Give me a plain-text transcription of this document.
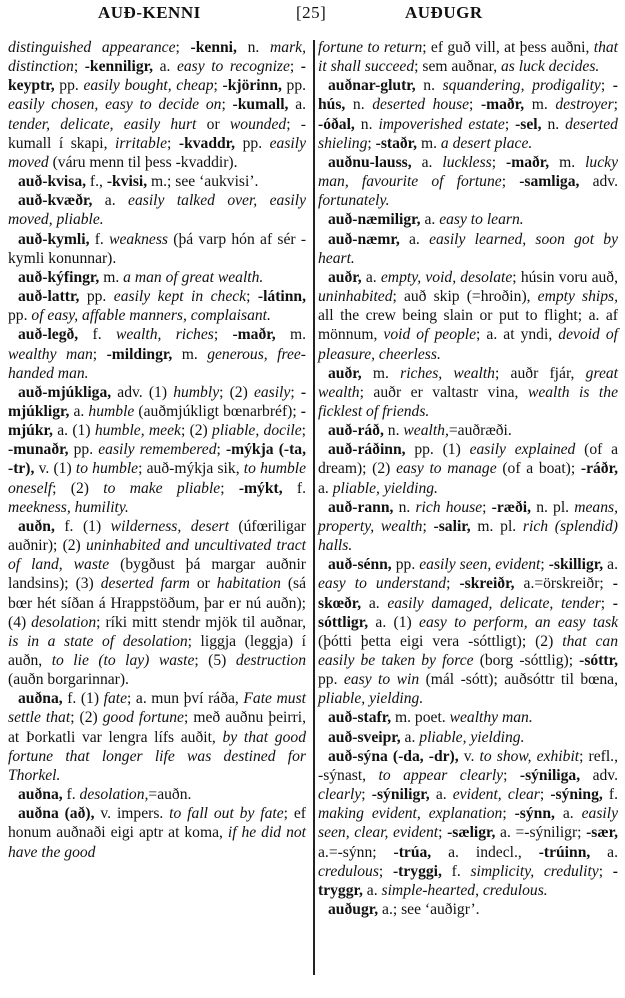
AUÐ-KENNI	[25]	AUÐUGR

distinguished appearance; -kenni, n. mark, distinction; -kenniligr, a. easy to recognize; -keyptr, pp. easily bought, cheap; -kjörinn, pp. easily chosen, easy to decide on; -kumall, a. tender, delicate, easily hurt or wounded; -kumall í skapi, irritable; -kvaddr, pp. easily moved (váru menn til þess -kvaddir).

auð-kvisa, f., -kvisi, m.; see ‘aukvisi’.

auð-kvæðr, a. easily talked over, easily moved, pliable.

auð-kymli, f. weakness (þá varp hón af sér -kymli konunnar).

auð-kýfingr, m. a man of great wealth.

auð-lattr, pp. easily kept in check; -látinn, pp. of easy, affable manners, complaisant.

auð-legð, f. wealth, riches; -maðr, m. wealthy man; -mildingr, m. generous, free-handed man.

auð-mjúkliga, adv. (1) humbly; (2) easily; -mjúkligr, a. humble (auðmjúkligt bœnarbréf); -mjúkr, a. (1) humble, meek; (2) pliable, docile; -munaðr, pp. easily remembered; -mýkja (-ta, -tr), v. (1) to humble; auð-mýkja sik, to humble oneself; (2) to make pliable; -mýkt, f. meekness, humility.

auðn, f. (1) wilderness, desert (úfœriligar auðnir); (2) uninhabited and uncultivated tract of land, waste (bygðust þá margar auðnir landsins); (3) deserted farm or habitation (sá bœr hét síðan á Hrappstöðum, þar er nú auðn); (4) desolation; ríki mitt stendr mjök til auðnar, is in a state of desolation; liggja (leggja) í auðn, to lie (to lay) waste; (5) destruction (auðn borgarinnar).

auðna, f. (1) fate; a. mun því ráða, Fate must settle that; (2) good fortune; með auðnu þeirri, at Þorkatli var lengra lífs auðit, by that good fortune that longer life was destined for Thorkel.

auðna, f. desolation,=auðn.

auðna (að), v. impers. to fall out by fate; ef honum auðnaði eigi aptr at koma, if he did not have the good

fortune to return; ef guð vill, at þess auðni, that it shall succeed; sem auðnar, as luck decides.

auðnar-glutr, n. squandering, prodigality; -hús, n. deserted house; -maðr, m. destroyer; -óðal, n. impoverished estate; -sel, n. deserted shieling; -staðr, m. a desert place.

auðnu-lauss, a. luckless; -maðr, m. lucky man, favourite of fortune; -samliga, adv. fortunately.

auð-næmiligr, a. easy to learn.

auð-næmr, a. easily learned, soon got by heart.

auðr, a. empty, void, desolate; húsin voru auð, uninhabited; auð skip (=hroðin), empty ships, all the crew being slain or put to flight; a. af mönnum, void of people; a. at yndi, devoid of pleasure, cheerless.

auðr, m. riches, wealth; auðr fjár, great wealth; auðr er valtastr vina, wealth is the ficklest of friends.

auð-ráð, n. wealth,=auðræði.

auð-ráðinn, pp. (1) easily explained (of a dream); (2) easy to manage (of a boat); -ráðr, a. pliable, yielding.

auð-rann, n. rich house; -ræði, n. pl. means, property, wealth; -salir, m. pl. rich (splendid) halls.

auð-sénn, pp. easily seen, evident; -skilligr, a. easy to understand; -skreiðr, a.=örskreiðr; -skœðr, a. easily damaged, delicate, tender; -sóttligr, a. (1) easy to perform, an easy task (þótti þetta eigi vera -sóttligt); (2) that can easily be taken by force (borg -sóttlig); -sóttr, pp. easy to win (mál -sótt); auðsóttr til bœna, pliable, yielding.

auð-stafr, m. poet. wealthy man.

auð-sveipr, a. pliable, yielding.

auð-sýna (-da, -dr), v. to show, exhibit; refl., -sýnast, to appear clearly; -sýniliga, adv. clearly; -sýniligr, a. evident, clear; -sýning, f. making evident, explanation; -sýnn, a. easily seen, clear, evident; -sæligr, a. =-sýniligr; -sær, a.=-sýnn; -trúa, a. indecl., -trúinn, a. credulous; -tryggi, f. simplicity, credulity; -tryggr, a. simple-hearted, credulous.

auðugr, a.; see ‘auðigr’.
